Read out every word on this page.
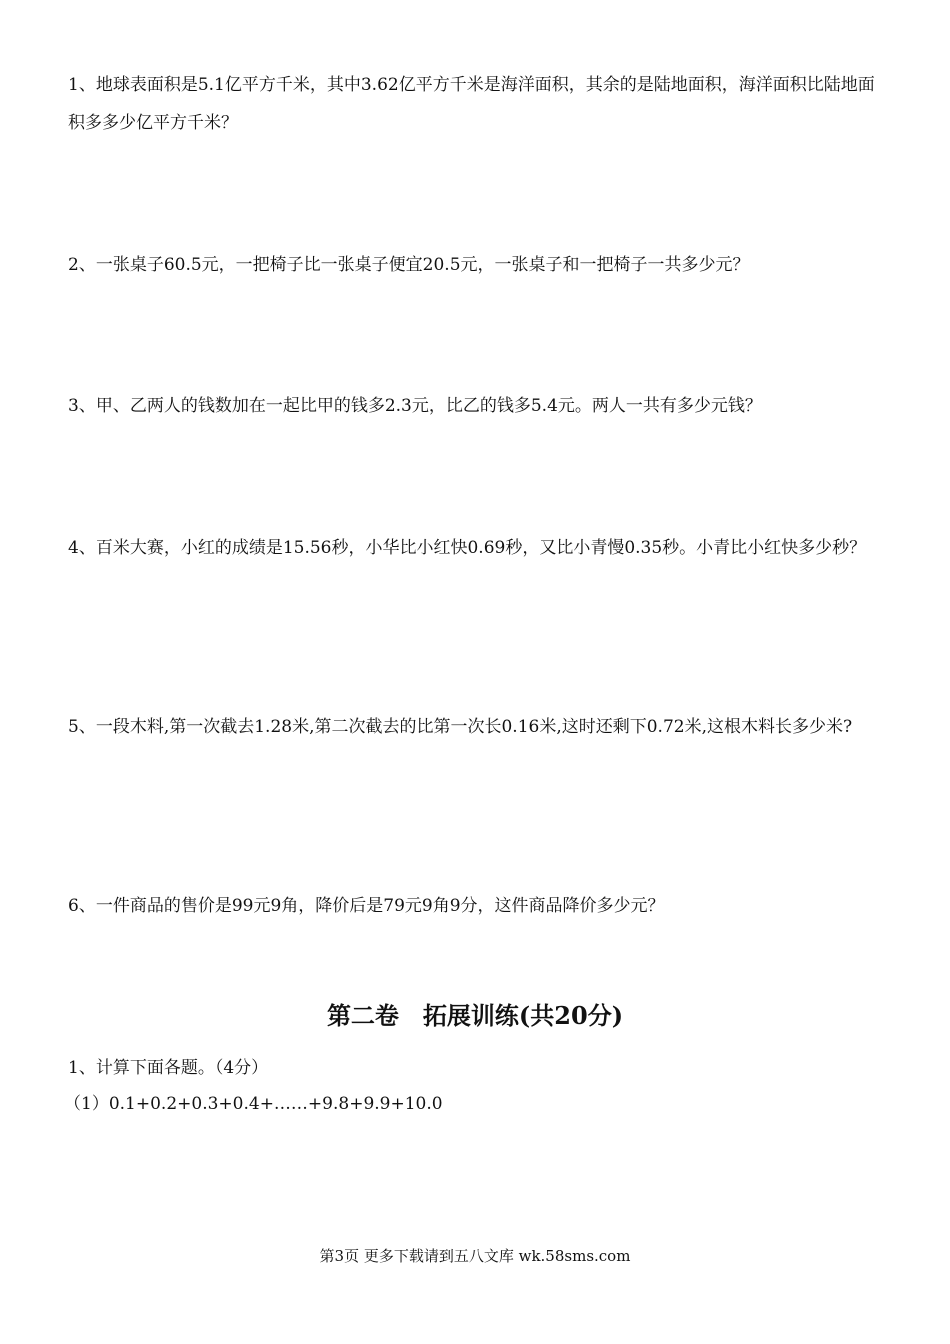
1、地球表面积是5.1亿平方千米，其中3.62亿平方千米是海洋面积，其余的是陆地面积，海洋面积比陆地面积多多少亿平方千米？

2、一张桌子60.5元，一把椅子比一张桌子便宜20.5元，一张桌子和一把椅子一共多少元？

3、甲、乙两人的钱数加在一起比甲的钱多2.3元，比乙的钱多5.4元。两人一共有多少元钱？

4、百米大赛，小红的成绩是15.56秒，小华比小红快0.69秒，又比小青慢0.35秒。小青比小红快多少秒？

5、一段木料,第一次截去1.28米,第二次截去的比第一次长0.16米,这时还剩下0.72米,这根木料长多少米?

6、一件商品的售价是99元9角，降价后是79元9角9分，这件商品降价多少元？

第二卷　拓展训练(共20分)

1、计算下面各题。（4分）

（1）0.1+0.2+0.3+0.4+……+9.8+9.9+10.0

第3页 更多下载请到五八文库 wk.58sms.com
